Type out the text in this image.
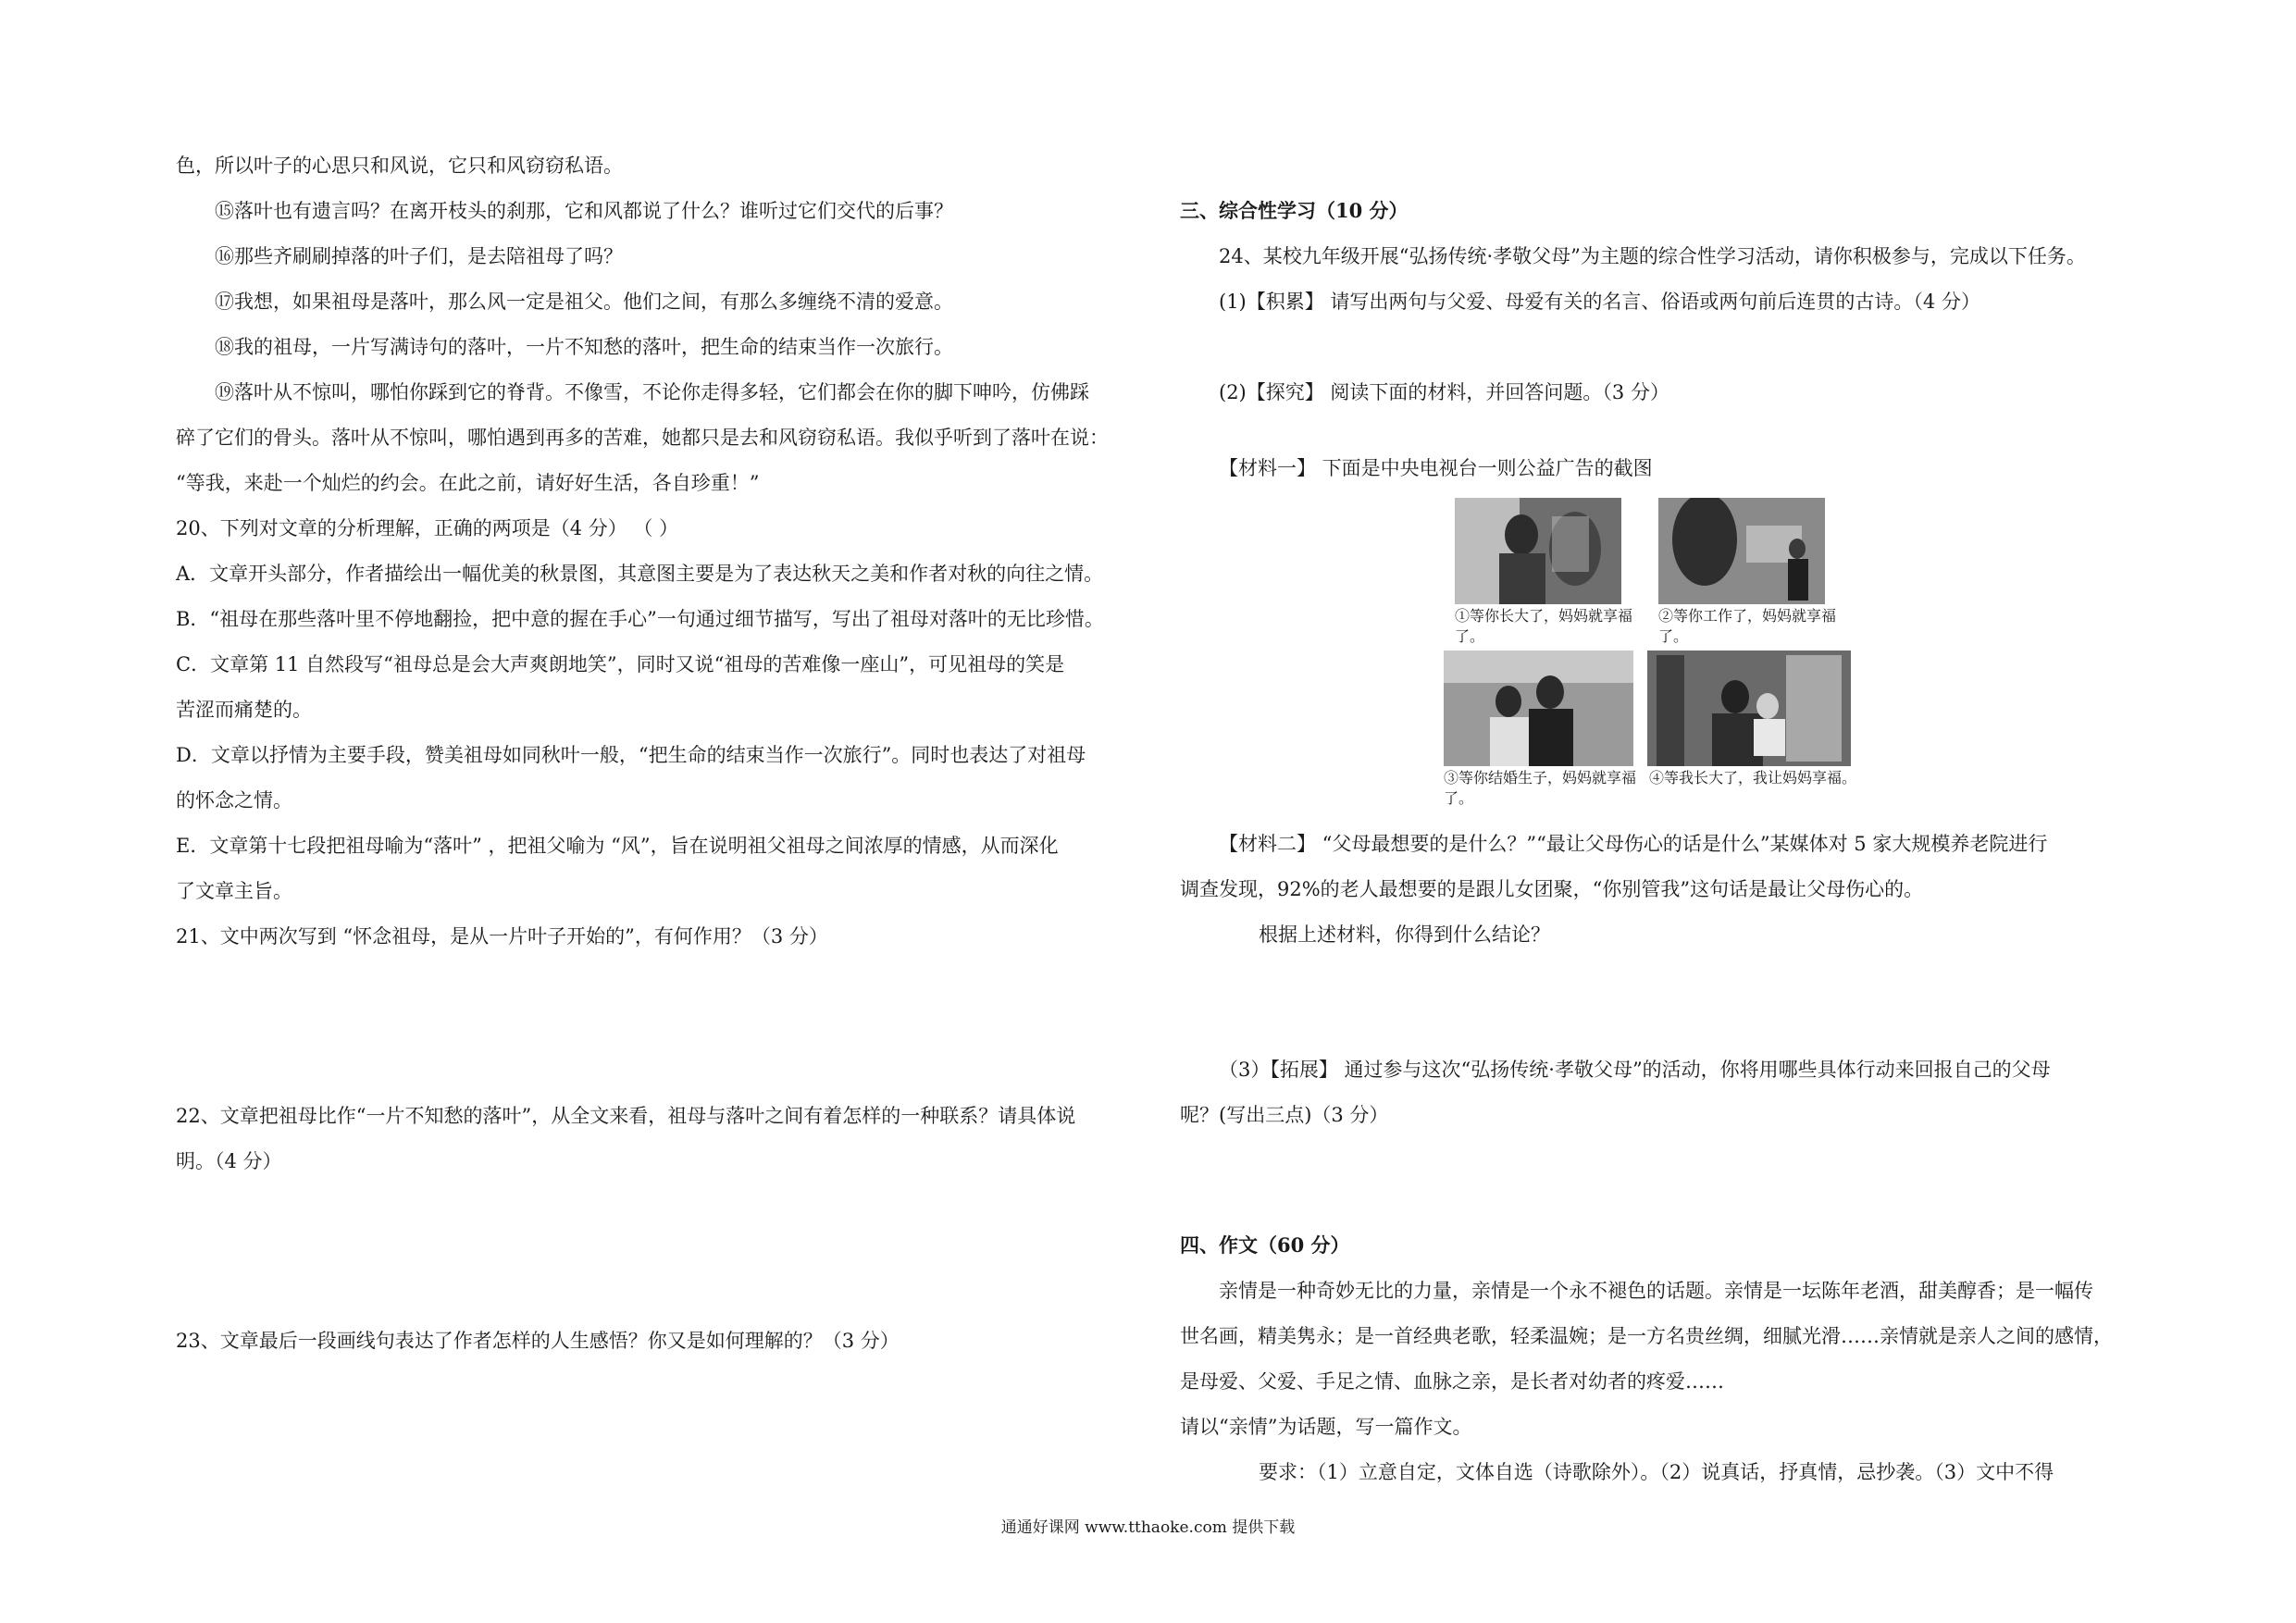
色，所以叶子的心思只和风说，它只和风窃窃私语。
⑮落叶也有遗言吗？在离开枝头的刹那，它和风都说了什么？谁听过它们交代的后事？
⑯那些齐刷刷掉落的叶子们，是去陪祖母了吗？
⑰我想，如果祖母是落叶，那么风一定是祖父。他们之间，有那么多缠绕不清的爱意。
⑱我的祖母，一片写满诗句的落叶，一片不知愁的落叶，把生命的结束当作一次旅行。
⑲落叶从不惊叫，哪怕你踩到它的脊背。不像雪，不论你走得多轻，它们都会在你的脚下呻吟，仿佛踩
碎了它们的骨头。落叶从不惊叫，哪怕遇到再多的苦难，她都只是去和风窃窃私语。我似乎听到了落叶在说：
“等我，来赴一个灿烂的约会。在此之前，请好好生活，各自珍重！”
20、下列对文章的分析理解，正确的两项是（4 分） （ ）
A．文章开头部分，作者描绘出一幅优美的秋景图，其意图主要是为了表达秋天之美和作者对秋的向往之情。
B．“祖母在那些落叶里不停地翻捡，把中意的握在手心”一句通过细节描写，写出了祖母对落叶的无比珍惜。
C．文章第 11 自然段写“祖母总是会大声爽朗地笑”，同时又说“祖母的苦难像一座山”，可见祖母的笑是
苦涩而痛楚的。
D．文章以抒情为主要手段，赞美祖母如同秋叶一般，“把生命的结束当作一次旅行”。同时也表达了对祖母
的怀念之情。
E．文章第十七段把祖母喻为“落叶” ，把祖父喻为 “风”，旨在说明祖父祖母之间浓厚的情感，从而深化
了文章主旨。
21、文中两次写到 “怀念祖母，是从一片叶子开始的”，有何作用？（3 分）
22、文章把祖母比作“一片不知愁的落叶”，从全文来看，祖母与落叶之间有着怎样的一种联系？请具体说
明。（4 分）
23、文章最后一段画线句表达了作者怎样的人生感悟？你又是如何理解的？（3 分）
三、综合性学习（10 分）
24、某校九年级开展“弘扬传统·孝敬父母”为主题的综合性学习活动，请你积极参与，完成以下任务。
(1)【积累】 请写出两句与父爱、母爱有关的名言、俗语或两句前后连贯的古诗。（4 分）
(2)【探究】 阅读下面的材料，并回答问题。（3 分）
【材料一】 下面是中央电视台一则公益广告的截图
【材料二】 “父母最想要的是什么？”“最让父母伤心的话是什么”某媒体对 5 家大规模养老院进行
调查发现，92%的老人最想要的是跟儿女团聚，“你别管我”这句话是最让父母伤心的。
根据上述材料，你得到什么结论？
（3）【拓展】 通过参与这次“弘扬传统·孝敬父母”的活动，你将用哪些具体行动来回报自己的父母
呢？(写出三点)（3 分）
四、作文（60 分）
亲情是一种奇妙无比的力量，亲情是一个永不褪色的话题。亲情是一坛陈年老酒，甜美醇香；是一幅传
世名画，精美隽永；是一首经典老歌，轻柔温婉；是一方名贵丝绸，细腻光滑……亲情就是亲人之间的感情，
是母爱、父爱、手足之情、血脉之亲，是长者对幼者的疼爱……
请以“亲情”为话题，写一篇作文。
要求：（1）立意自定，文体自选（诗歌除外）。（2）说真话，抒真情，忌抄袭。（3）文中不得
①等你长大了，妈妈就享福了。
②等你工作了，妈妈就享福了。
③等你结婚生子，妈妈就享福了。
④等我长大了，我让妈妈享福。
通通好课网 www.tthaoke.com 提供下载
